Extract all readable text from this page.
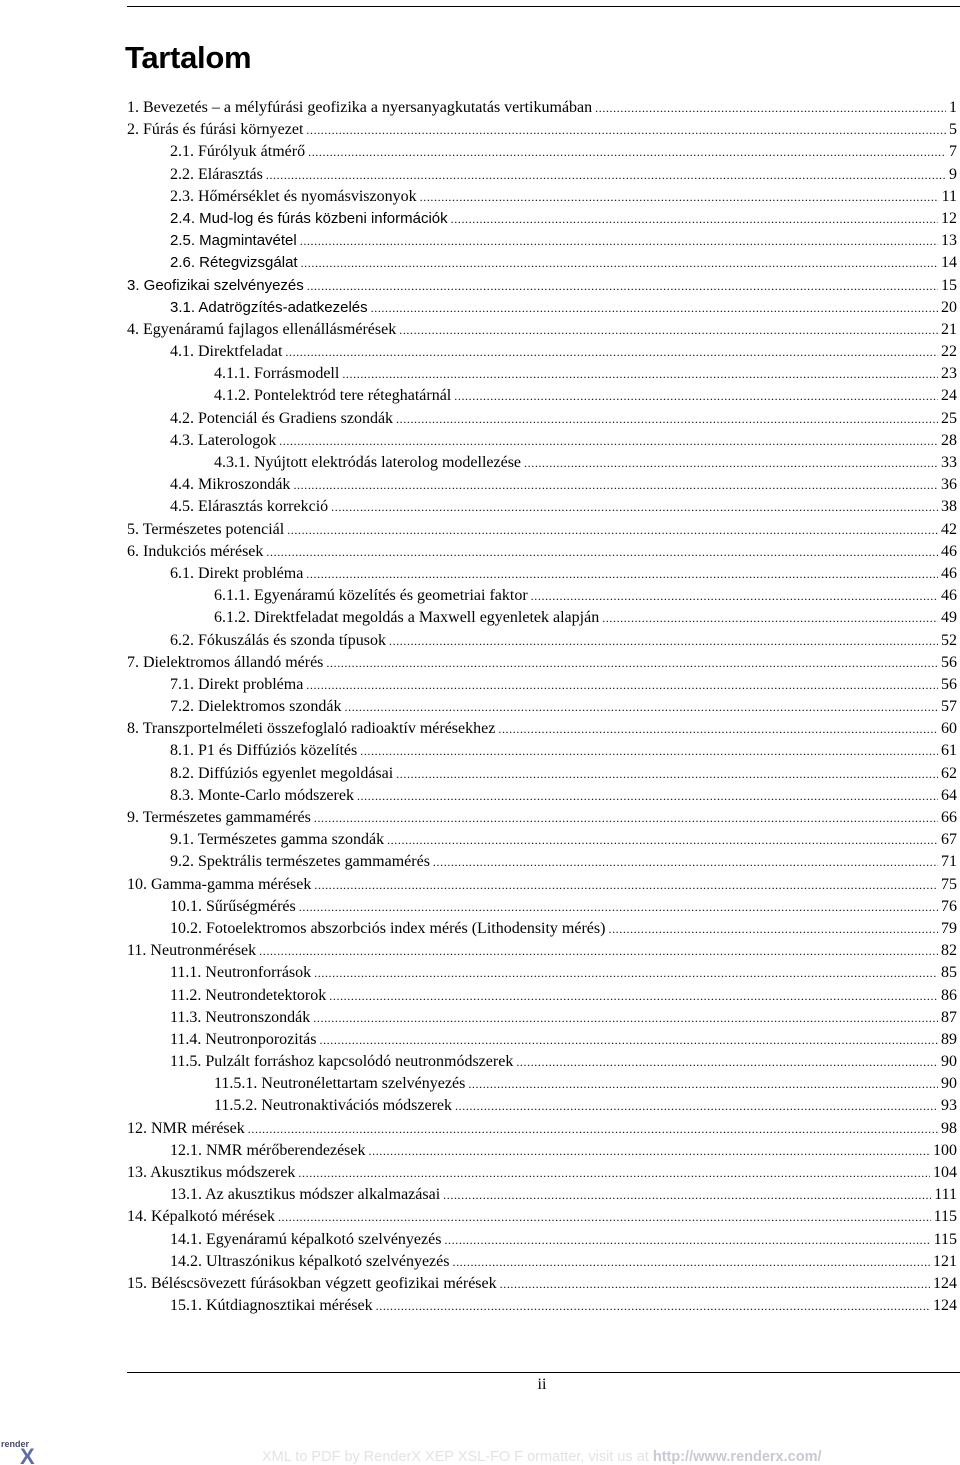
Tartalom
1. Bevezetés – a mélyfúrási geofizika a nyersanyagkutatás vertikumában .....	1
2. Fúrás és fúrási környezet .....	5
2.1. Fúrólyuk átmérő .....	7
2.2. Elárasztás .....	9
2.3. Hőmérséklet és nyomásviszonyok .....	11
2.4. Mud-log és fúrás közbeni információk .....	12
2.5. Magmintavétel .....	13
2.6. Rétegvizsgálat .....	14
3. Geofizikai szelvényezés .....	15
3.1. Adatrögzítés-adatkezelés .....	20
4. Egyenáramú fajlagos ellenállásmérések .....	21
4.1. Direktfeladat .....	22
4.1.1. Forrásmodell .....	23
4.1.2. Pontelektród tere réteghatárnál .....	24
4.2. Potenciál és Gradiens szondák .....	25
4.3. Laterologok .....	28
4.3.1. Nyújtott elektródás laterolog modellezése .....	33
4.4. Mikroszondák .....	36
4.5. Elárasztás korrekció .....	38
5. Természetes potenciál .....	42
6. Indukciós mérések .....	46
6.1. Direkt probléma .....	46
6.1.1. Egyenáramú közelítés és geometriai faktor .....	46
6.1.2. Direktfeladat megoldás a Maxwell egyenletek alapján .....	49
6.2. Fókuszálás és szonda típusok .....	52
7. Dielektromos állandó mérés .....	56
7.1. Direkt probléma .....	56
7.2. Dielektromos szondák .....	57
8. Transzportelméleti összefoglaló radioaktív mérésekhez .....	60
8.1. P1 és Diffúziós közelítés .....	61
8.2. Diffúziós egyenlet megoldásai .....	62
8.3. Monte-Carlo módszerek .....	64
9. Természetes gammamérés .....	66
9.1. Természetes gamma szondák .....	67
9.2. Spektrális természetes gammamérés .....	71
10. Gamma-gamma mérések .....	75
10.1. Sűrűségmérés .....	76
10.2. Fotoelektromos abszorbciós index mérés (Lithodensity mérés) .....	79
11. Neutronmérések .....	82
11.1. Neutronforrások .....	85
11.2. Neutrondetektorok .....	86
11.3. Neutronszondák .....	87
11.4. Neutronporozitás .....	89
11.5. Pulzált forráshoz kapcsolódó neutronmódszerek .....	90
11.5.1. Neutronélettartam szelvényezés .....	90
11.5.2. Neutronaktivációs módszerek .....	93
12. NMR mérések .....	98
12.1. NMR mérőberendezések .....	100
13. Akusztikus módszerek .....	104
13.1. Az akusztikus módszer alkalmazásai .....	111
14. Képalkotó mérések .....	115
14.1. Egyenáramú képalkotó szelvényezés .....	115
14.2. Ultraszónikus képalkotó szelvényezés .....	121
15. Béléscsövezett fúrásokban végzett geofizikai mérések .....	124
15.1. Kútdiagnosztikai mérések .....	124
ii
render
X	XML to PDF by RenderX XEP XSL-FO F ormatter, visit us at http://www.renderx.com/
